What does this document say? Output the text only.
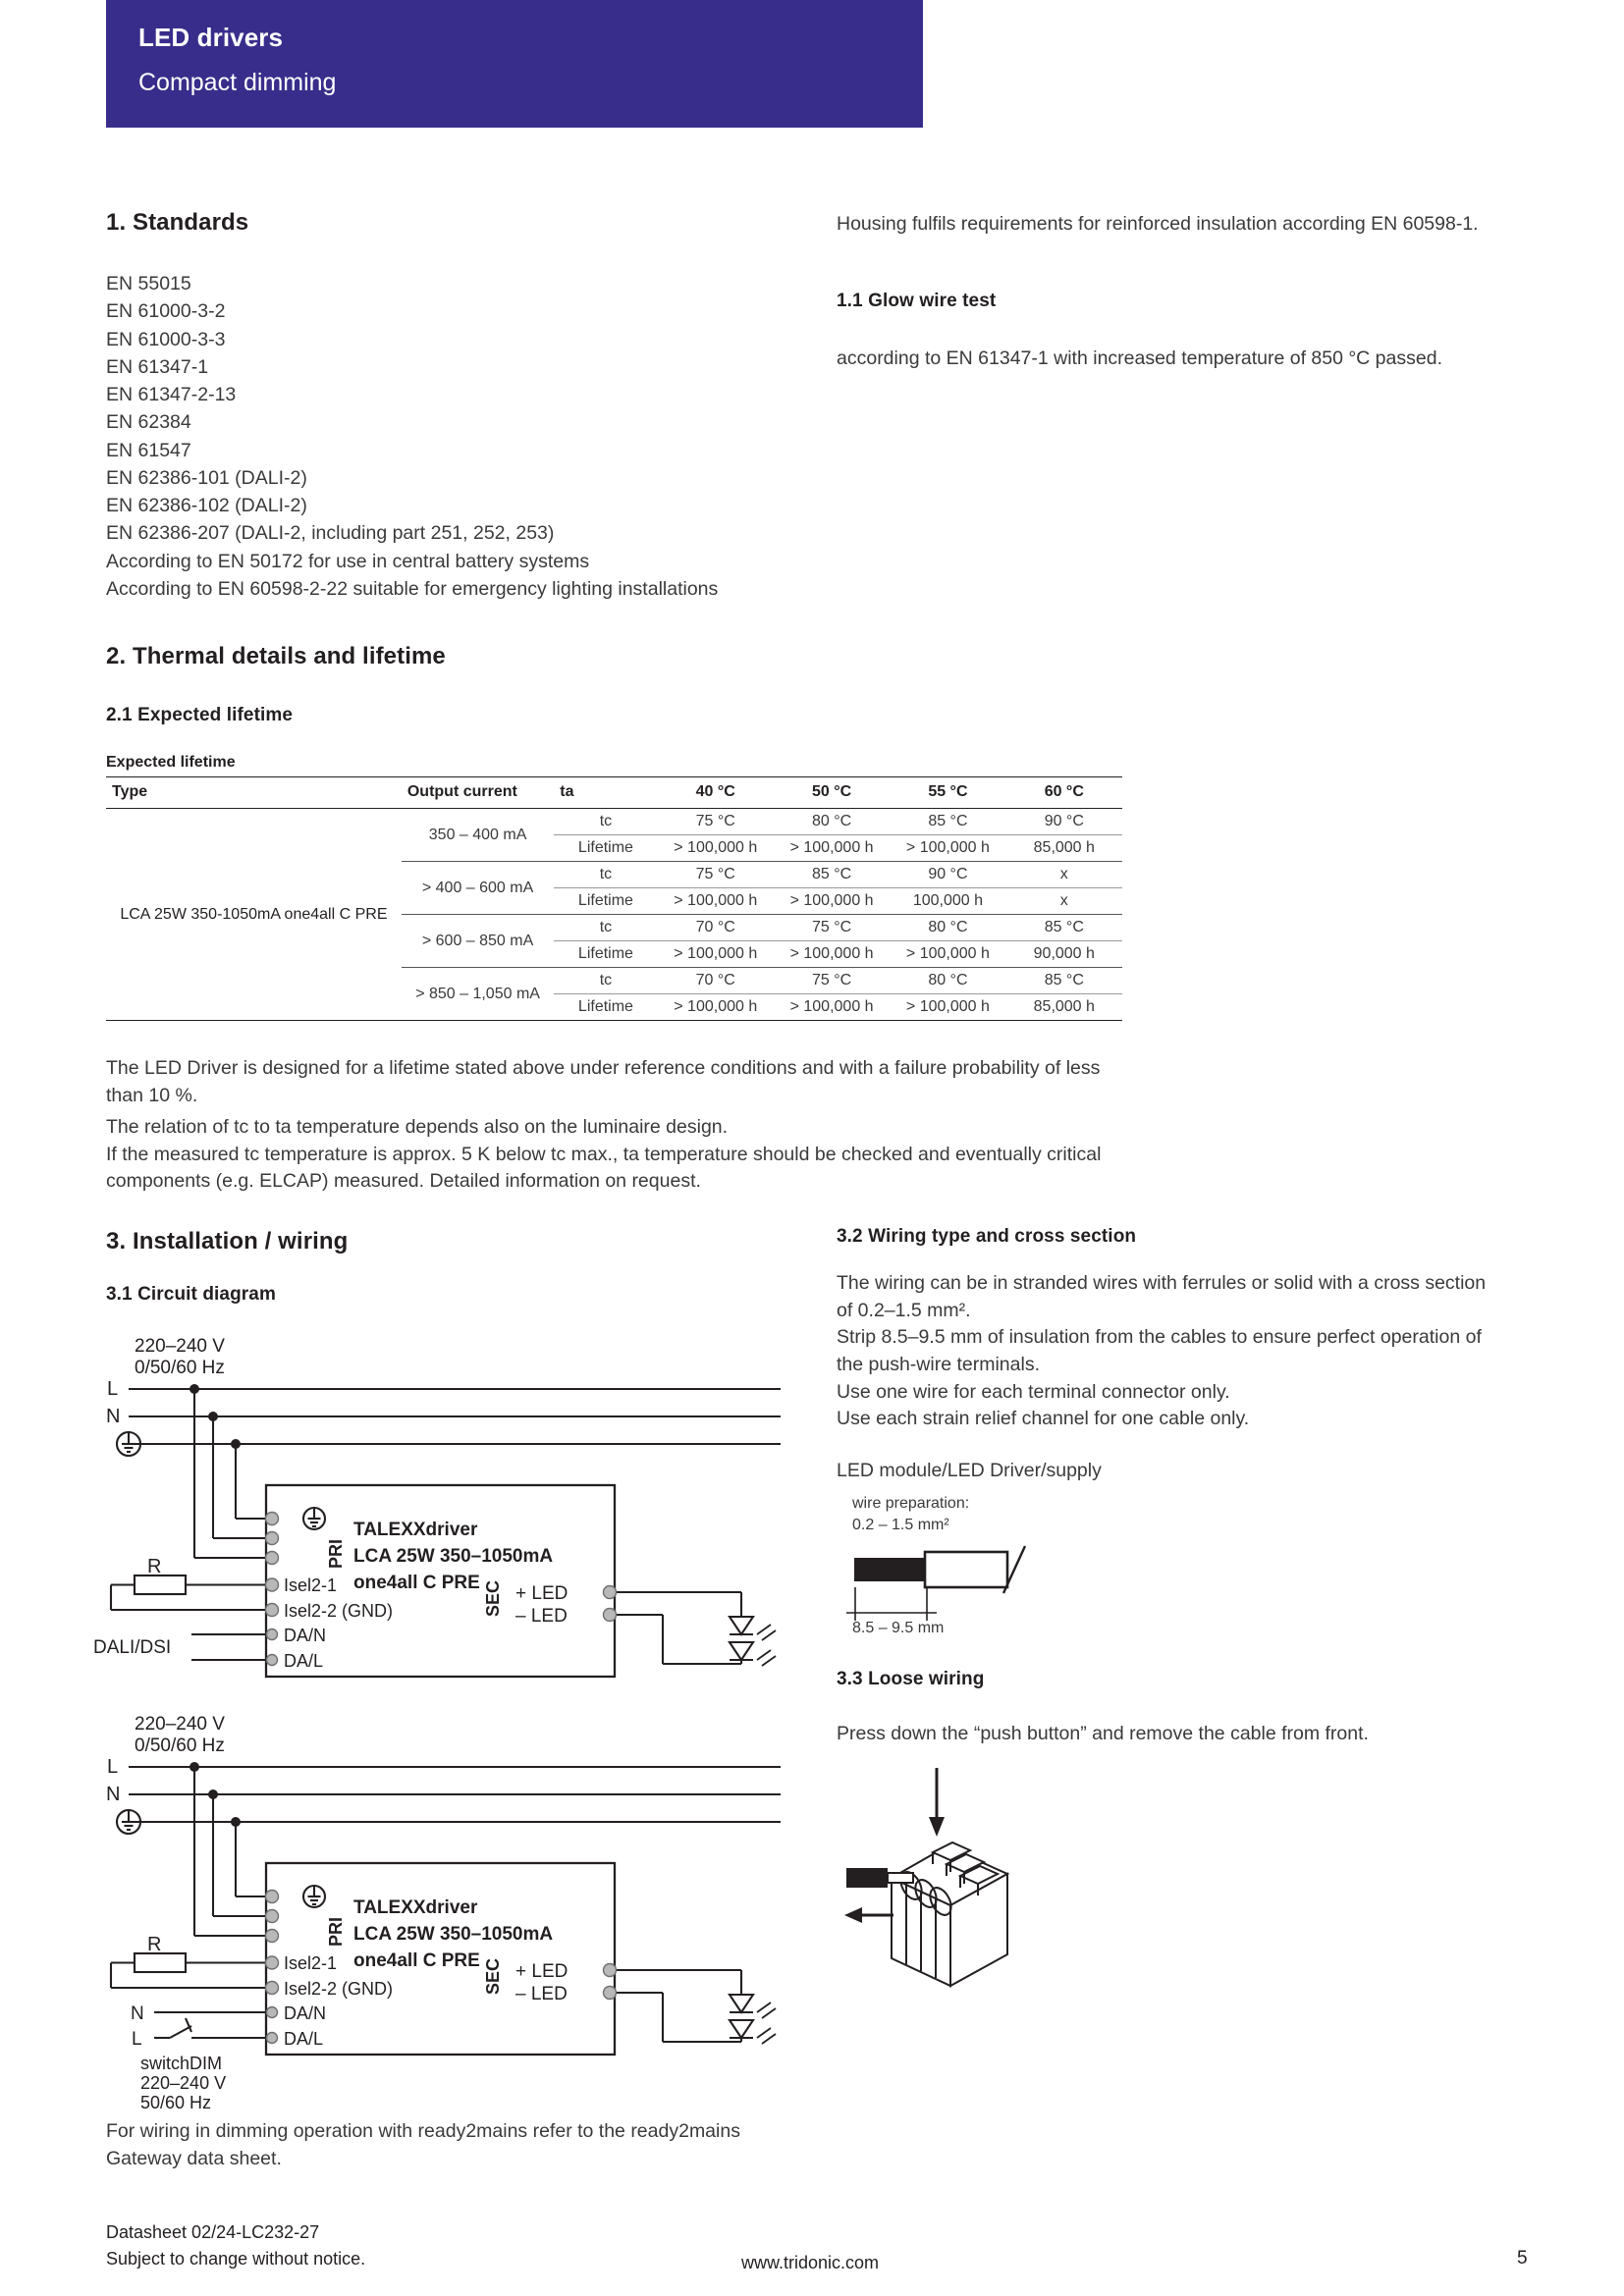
LED drivers
Compact dimming
1. Standards
EN 55015
EN 61000-3-2
EN 61000-3-3
EN 61347-1
EN 61347-2-13
EN 62384
EN 61547
EN 62386-101 (DALI-2)
EN 62386-102 (DALI-2)
EN 62386-207 (DALI-2, including part 251, 252, 253)
According to EN 50172 for use in central battery systems
According to EN 60598-2-22 suitable for emergency lighting installations
Housing fulfils requirements for reinforced insulation according EN 60598-1.
1.1 Glow wire test
according to EN 61347-1 with increased temperature of 850 °C passed.
2. Thermal details and lifetime
2.1 Expected lifetime
Expected lifetime
Type	Output current	ta	40 °C	50 °C	55 °C	60 °C
LCA 25W 350-1050mA one4all C PRE	350 – 400 mA	tc	75 °C	80 °C	85 °C	90 °C
		Lifetime	> 100,000 h	> 100,000 h	> 100,000 h	85,000 h
	> 400 – 600 mA	tc	75 °C	85 °C	90 °C	x
		Lifetime	> 100,000 h	> 100,000 h	100,000 h	x
	> 600 – 850 mA	tc	70 °C	75 °C	80 °C	85 °C
		Lifetime	> 100,000 h	> 100,000 h	> 100,000 h	90,000 h
	> 850 – 1,050 mA	tc	70 °C	75 °C	80 °C	85 °C
		Lifetime	> 100,000 h	> 100,000 h	> 100,000 h	85,000 h

The LED Driver is designed for a lifetime stated above under reference conditions and with a failure probability of less than 10 %.
The relation of tc to ta temperature depends also on the luminaire design.
If the measured tc temperature is approx. 5 K below tc max., ta temperature should be checked and eventually critical
components (e.g. ELCAP) measured. Detailed information on request.
3. Installation / wiring
3.1 Circuit diagram
220–240 V
0/50/60 Hz
L
N
R
DALI/DSI
TALEXXdriver
LCA 25W 350–1050mA
one4all C PRE
PRI
SEC + LED
– LED
Isel2-1
Isel2-2 (GND)
DA/N
DA/L
220–240 V
0/50/60 Hz
L
N
R
N
L
switchDIM
220–240 V
50/60 Hz
TALEXXdriver
LCA 25W 350–1050mA
one4all C PRE
PRI
SEC + LED
– LED
Isel2-1
Isel2-2 (GND)
DA/N
DA/L
3.2 Wiring type and cross section
The wiring can be in stranded wires with ferrules or solid with a cross section
of 0.2–1.5 mm².
Strip 8.5–9.5 mm of insulation from the cables to ensure perfect operation of
the push-wire terminals.
Use one wire for each terminal connector only.
Use each strain relief channel for one cable only.
LED module/LED Driver/supply
wire preparation:
0.2 – 1.5 mm²
8.5 – 9.5 mm
3.3 Loose wiring
Press down the “push button” and remove the cable from front.
For wiring in dimming operation with ready2mains refer to the ready2mains
Gateway data sheet.
Datasheet 02/24-LC232-27
Subject to change without notice.	www.tridonic.com	5
